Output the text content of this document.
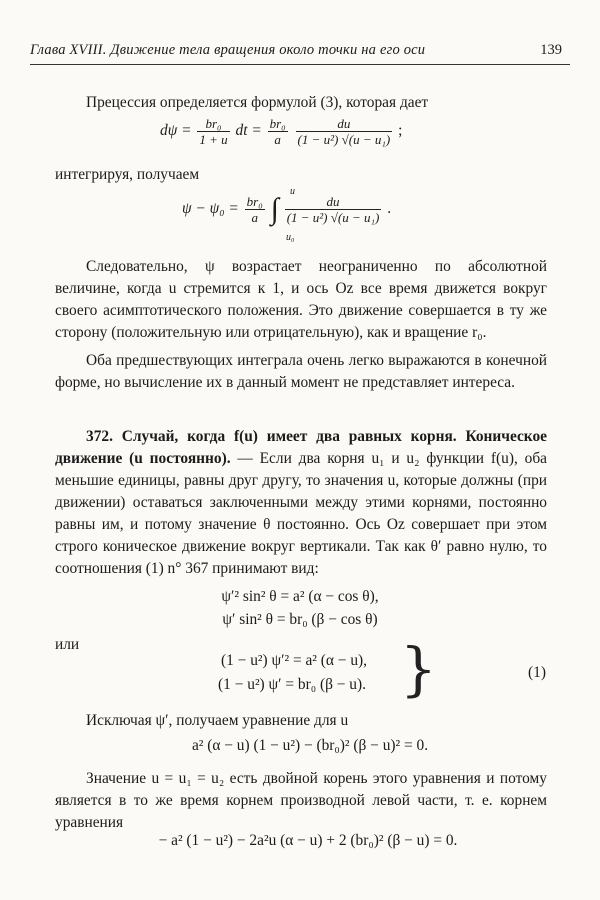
Глава XVIII. Движение тела вращения около точки на его оси	139

Прецессия определяется формулой (3), которая дает

$d\psi = \frac{\text{br₀}}{1 + u}$ dt = $\frac{\text{br₀}}{a}$
$\frac{du}{\text{(1 − u²) √(u − u₁)}}$ ;

интегрируя, получаем

$\psi - \psi_0 = \frac{\text{br₀}}{a}$ ∫ $\frac{du}{\text{(1 − u²) √(u − u₁)}}$ .
u
u₀

Следовательно, ψ возрастает неограниченно по абсолютной величине, когда u стремится к 1, и ось Oz все время движется вокруг своего асимптотического положения. Это движение совершается в ту же сторону (положительную или отрицательную), как и вращение r₀.

Оба предшествующих интеграла очень легко выражаются в конечной форме, но вычисление их в данный момент не представляет интереса.

372. Случай, когда f(u) имеет два равных корня. Коническое движение (u постоянно). — Если два корня u₁ и u₂ функции f(u), оба меньшие единицы, равны друг другу, то значения u, которые должны (при движении) оставаться заключенными между этими корнями, постоянно равны им, и потому значение θ постоянно. Ось Oz совершает при этом строго коническое движение вокруг вертикали. Так как θ′ равно нулю, то соотношения (1) n° 367 принимают вид:

ψ′² sin² θ = a² (α − cos θ),
ψ′ sin² θ = br₀ (β − cos θ)

или

(1 − u²) ψ′² = a² (α − u),
(1 − u²) ψ′ = br₀ (β − u). }	(1)

Исключая ψ′, получаем уравнение для u

a² (α − u) (1 − u²) − (br₀)² (β − u)² = 0.

Значение u = u₁ = u₂ есть двойной корень этого уравнения и потому является в то же время корнем производной левой части, т. е. корнем уравнения

− a² (1 − u²) − 2a²u (α − u) + 2 (br₀)² (β − u) = 0.
